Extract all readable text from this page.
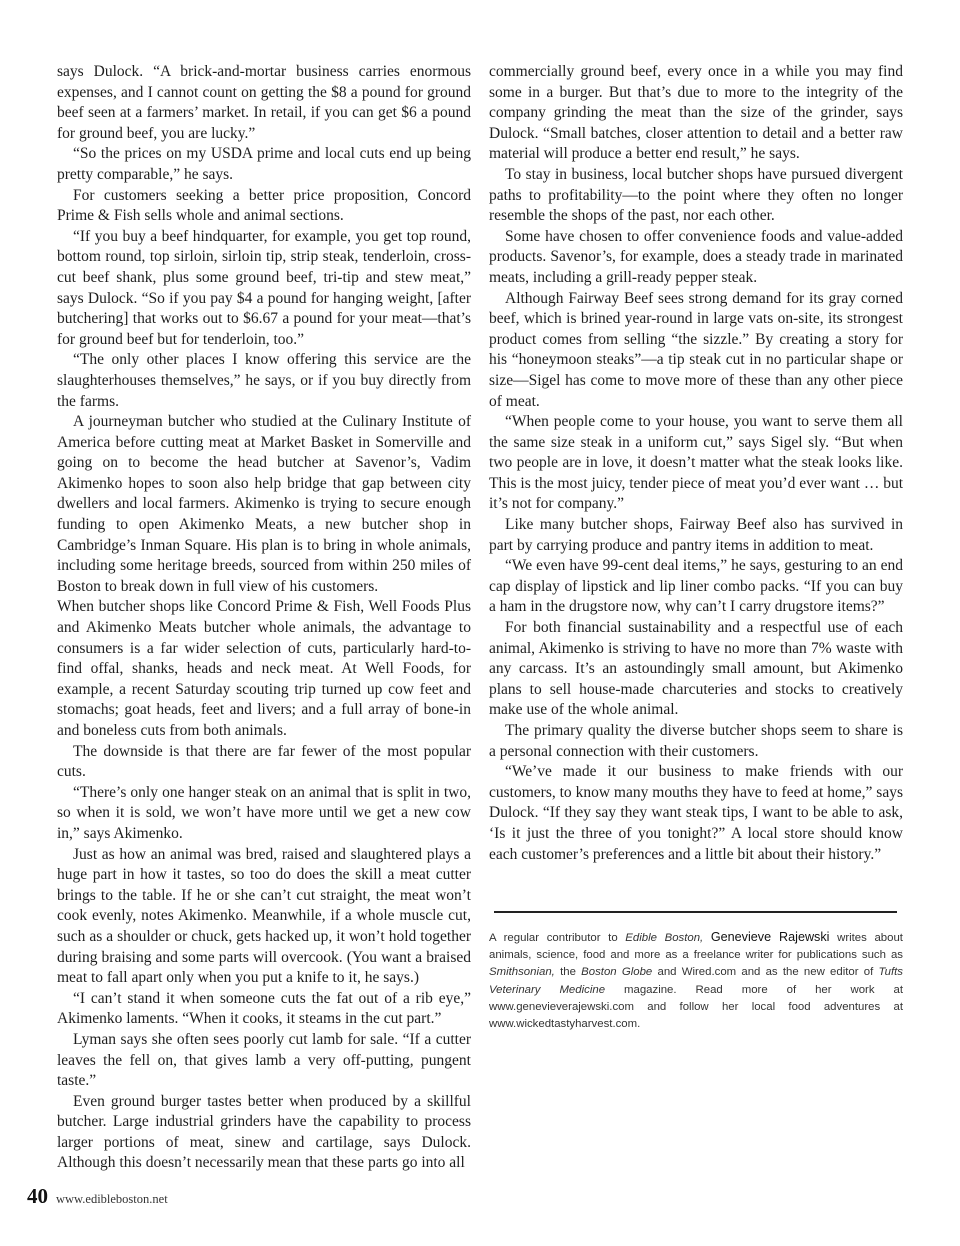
says Dulock. “A brick-and-mortar business carries enormous expenses, and I cannot count on getting the $8 a pound for ground beef seen at a farmers’ market. In retail, if you can get $6 a pound for ground beef, you are lucky.”

“So the prices on my USDA prime and local cuts end up being pretty comparable,” he says.

For customers seeking a better price proposition, Concord Prime & Fish sells whole and animal sections.

“If you buy a beef hindquarter, for example, you get top round, bottom round, top sirloin, sirloin tip, strip steak, tenderloin, cross-cut beef shank, plus some ground beef, tri-tip and stew meat,” says Dulock. “So if you pay $4 a pound for hanging weight, [after butchering] that works out to $6.67 a pound for your meat—that’s for ground beef but for tenderloin, too.”

“The only other places I know offering this service are the slaughterhouses themselves,” he says, or if you buy directly from the farms.

A journeyman butcher who studied at the Culinary Institute of America before cutting meat at Market Basket in Somerville and going on to become the head butcher at Savenor’s, Vadim Akimenko hopes to soon also help bridge that gap between city dwellers and local farmers. Akimenko is trying to secure enough funding to open Akimenko Meats, a new butcher shop in Cambridge’s Inman Square. His plan is to bring in whole animals, including some heritage breeds, sourced from within 250 miles of Boston to break down in full view of his customers.

When butcher shops like Concord Prime & Fish, Well Foods Plus and Akimenko Meats butcher whole animals, the advantage to consumers is a far wider selection of cuts, particularly hard-to-find offal, shanks, heads and neck meat. At Well Foods, for example, a recent Saturday scouting trip turned up cow feet and stomachs; goat heads, feet and livers; and a full array of bone-in and boneless cuts from both animals.

The downside is that there are far fewer of the most popular cuts.

“There’s only one hanger steak on an animal that is split in two, so when it is sold, we won’t have more until we get a new cow in,” says Akimenko.

Just as how an animal was bred, raised and slaughtered plays a huge part in how it tastes, so too do does the skill a meat cutter brings to the table. If he or she can’t cut straight, the meat won’t cook evenly, notes Akimenko. Meanwhile, if a whole muscle cut, such as a shoulder or chuck, gets hacked up, it won’t hold together during braising and some parts will overcook. (You want a braised meat to fall apart only when you put a knife to it, he says.)

“I can’t stand it when someone cuts the fat out of a rib eye,” Akimenko laments. “When it cooks, it steams in the cut part.”

Lyman says she often sees poorly cut lamb for sale. “If a cutter leaves the fell on, that gives lamb a very off-putting, pungent taste.”

Even ground burger tastes better when produced by a skillful butcher. Large industrial grinders have the capability to process larger portions of meat, sinew and cartilage, says Dulock. Although this doesn’t necessarily mean that these parts go into all

commercially ground beef, every once in a while you may find some in a burger. But that’s due to more to the integrity of the company grinding the meat than the size of the grinder, says Dulock. “Small batches, closer attention to detail and a better raw material will produce a better end result,” he says.

To stay in business, local butcher shops have pursued divergent paths to profitability—to the point where they often no longer resemble the shops of the past, nor each other.

Some have chosen to offer convenience foods and value-added products. Savenor’s, for example, does a steady trade in marinated meats, including a grill-ready pepper steak.

Although Fairway Beef sees strong demand for its gray corned beef, which is brined year-round in large vats on-site, its strongest product comes from selling “the sizzle.” By creating a story for his “honeymoon steaks”—a tip steak cut in no particular shape or size—Sigel has come to move more of these than any other piece of meat.

“When people come to your house, you want to serve them all the same size steak in a uniform cut,” says Sigel sly. “But when two people are in love, it doesn’t matter what the steak looks like. This is the most juicy, tender piece of meat you’d ever want … but it’s not for company.”

Like many butcher shops, Fairway Beef also has survived in part by carrying produce and pantry items in addition to meat.

“We even have 99-cent deal items,” he says, gesturing to an end cap display of lipstick and lip liner combo packs. “If you can buy a ham in the drugstore now, why can’t I carry drugstore items?”

For both financial sustainability and a respectful use of each animal, Akimenko is striving to have no more than 7% waste with any carcass. It’s an astoundingly small amount, but Akimenko plans to sell house-made charcuteries and stocks to creatively make use of the whole animal.

The primary quality the diverse butcher shops seem to share is a personal connection with their customers.

“We’ve made it our business to make friends with our customers, to know many mouths they have to feed at home,” says Dulock. “If they say they want steak tips, I want to be able to ask, ‘Is it just the three of you tonight?” A local store should know each customer’s preferences and a little bit about their history.”

A regular contributor to Edible Boston, Genevieve Rajewski writes about animals, science, food and more as a freelance writer for publications such as Smithsonian, the Boston Globe and Wired.com and as the new editor of Tufts Veterinary Medicine magazine. Read more of her work at www.genevieverajewski.com and follow her local food adventures at www.wickedtastyharvest.com.
40 www.edibleboston.net
